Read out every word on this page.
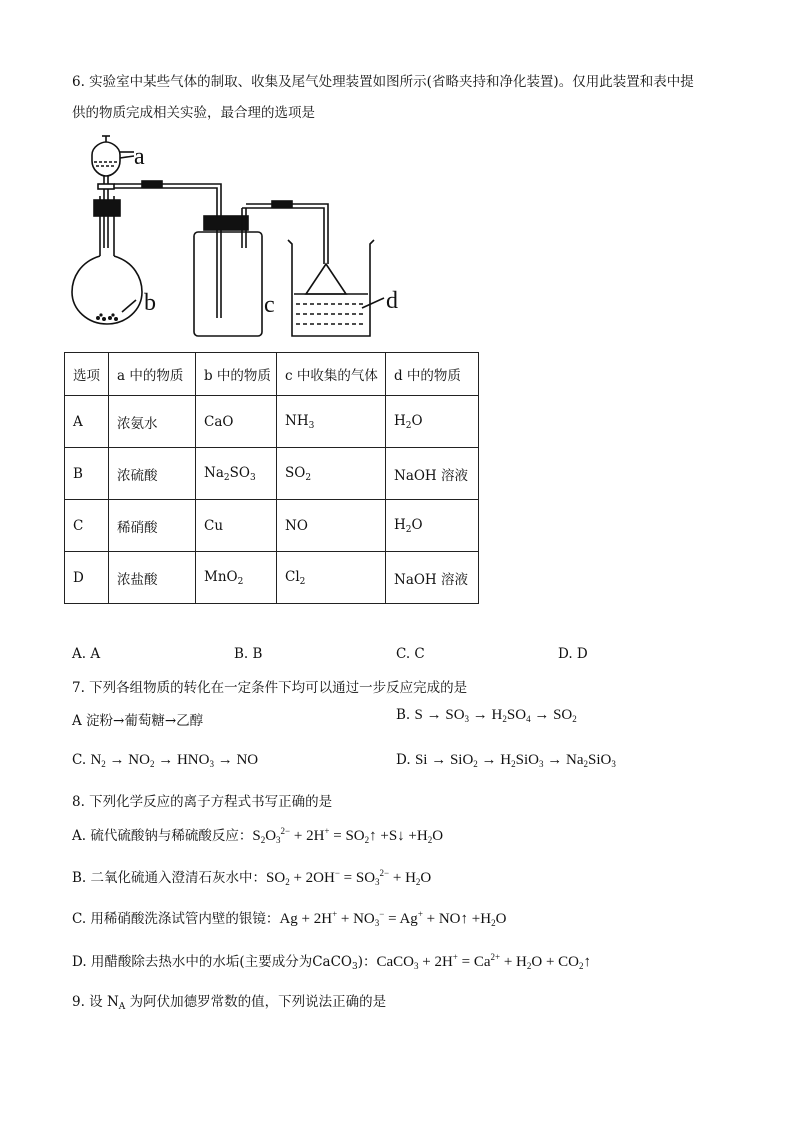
6. 实验室中某些气体的制取、收集及尾气处理装置如图所示(省略夹持和净化装置)。仅用此装置和表中提
供的物质完成相关实验，最合理的选项是
a
b	c	d
选项	a 中的物质	b 中的物质	c 中收集的气体	d 中的物质
A	浓氨水	CaO	$NH_3$	$H_2O$
B	浓硫酸	$Na_2SO_3$	$SO_2$	NaOH 溶液
C	稀硝酸	Cu	NO	$H_2O$
D	浓盐酸	MnO$_2$	$Cl_2$	NaOH 溶液
A. A	B. B	C. C	D. D
7. 下列各组物质的转化在一定条件下均可以通过一步反应完成的是
A 淀粉→葡萄糖→乙醇	B. $S \to SO_3 \to H_2SO_4 \to SO_2$
C. $N_2 \to NO_2 \to HNO_3$ → NO	D. $Si \to SiO_2 \to H_2SiO_3 \to Na_2SiO_3$
8. 下列化学反应的离子方程式书写正确的是
A. 硫代硫酸钠与稀硫酸反应：$S_2O_3^{2-} + 2H^+$ = $SO_2↑$ +S↓ $+H_2O$
B. 二氧化硫通入澄清石灰水中：$SO_2 + 2OH^- = SO_3^{2-} + H_2O$
C. 用稀硝酸洗涤试管内壁的银镜：$Ag + 2H^+ + NO_3^- = Ag^+$ + NO↑ $+H_2O$
D. 用醋酸除去热水中的水垢(主要成分为CaCO$_3$)：CaCO$_3$ + $2H^+ = Ca^{2+} + H_2O$ + $CO_2↑$
9. 设 $N_A$ 为阿伏加德罗常数的值，下列说法正确的是
